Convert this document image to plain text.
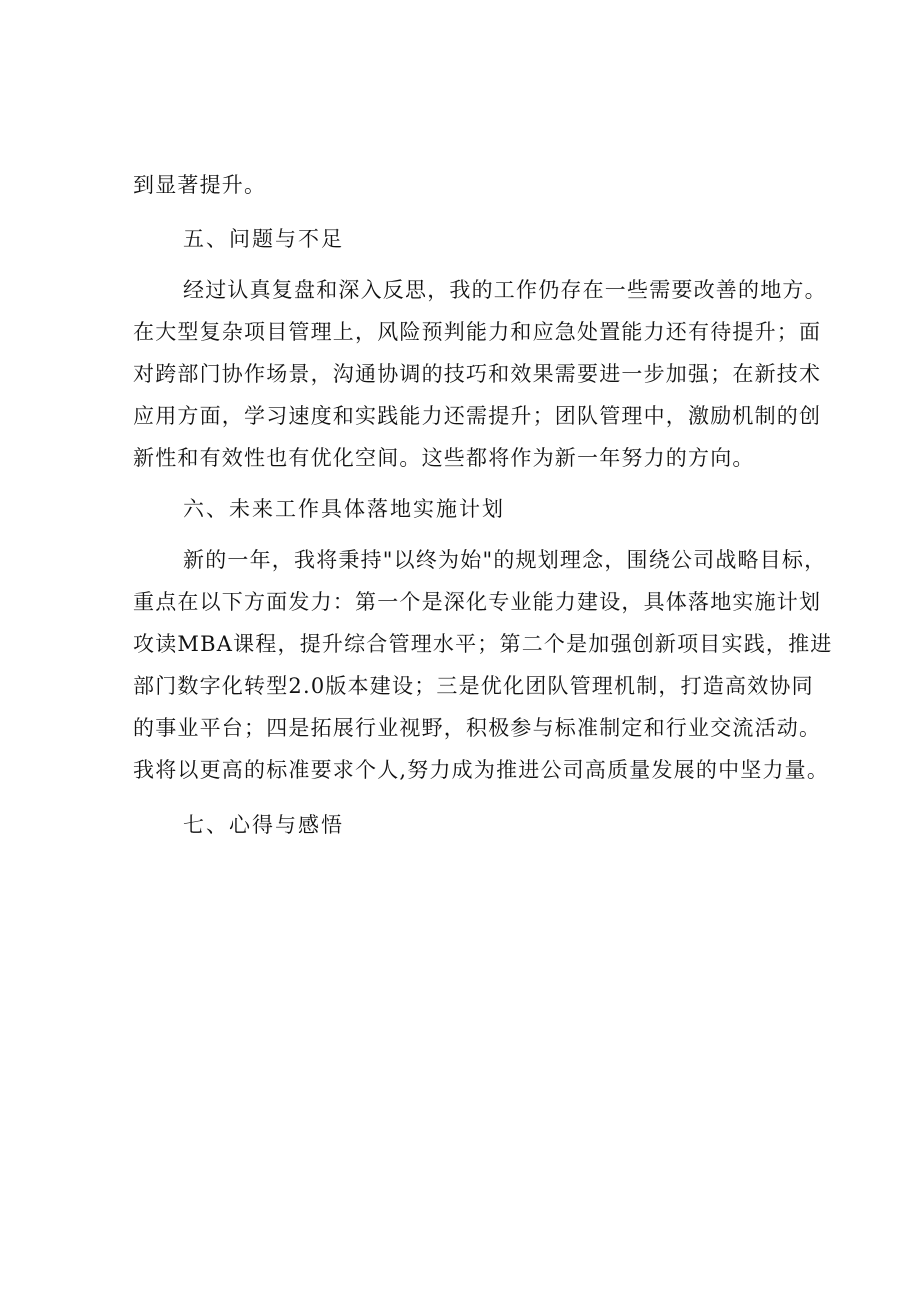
到显著提升。
五、问题与不足
经过认真复盘和深入反思，我的工作仍存在一些需要改善的地方。
在大型复杂项目管理上，风险预判能力和应急处置能力还有待提升；面
对跨部门协作场景，沟通协调的技巧和效果需要进一步加强；在新技术
应用方面，学习速度和实践能力还需提升；团队管理中，激励机制的创
新性和有效性也有优化空间。这些都将作为新一年努力的方向。
六、未来工作具体落地实施计划
新的一年，我将秉持"以终为始"的规划理念，围绕公司战略目标，
重点在以下方面发力：第一个是深化专业能力建设，具体落地实施计划
攻读MBA课程，提升综合管理水平；第二个是加强创新项目实践，推进
部门数字化转型2.0版本建设；三是优化团队管理机制，打造高效协同
的事业平台；四是拓展行业视野，积极参与标准制定和行业交流活动。
我将以更高的标准要求个人,努力成为推进公司高质量发展的中坚力量。
七、心得与感悟
